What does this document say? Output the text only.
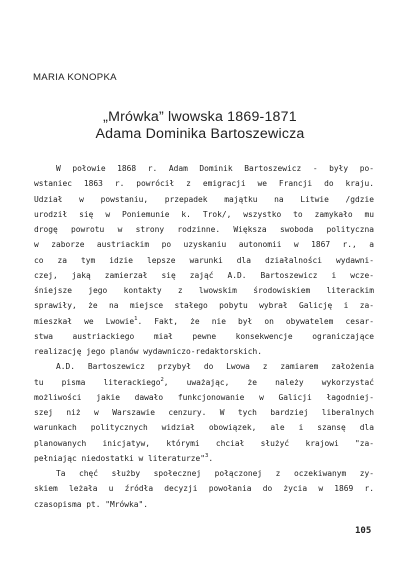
MARIA KONOPKA
„Mrówka” lwowska 1869-1871
Adama Dominika Bartoszewicza
W połowie 1868 r. Adam Dominik Bartoszewicz - były po-
wstaniec 1863 r. powrócił z emigracji we Francji do kraju.
Udział w powstaniu, przepadek majątku na Litwie /gdzie
urodził się w Poniemunie k. Trok/, wszystko to zamykało mu
drogę powrotu w strony rodzinne. Większa swoboda polityczna
w zaborze austriackim po uzyskaniu autonomii w 1867 r., a
co za tym idzie lepsze warunki dla działalności wydawni-
czej, jaką zamierzał się zająć A.D. Bartoszewicz i wcze-
śniejsze jego kontakty z lwowskim środowiskiem literackim
sprawiły, że na miejsce stałego pobytu wybrał Galicję i za-
mieszkał we Lwowie$^1$. Fakt, że nie był on obywatelem cesar-
stwa austriackiego miał pewne konsekwencje ograniczające
realizację jego planów wydawniczo-redaktorskich.
A.D. Bartoszewicz przybył do Lwowa z zamiarem założenia
tu pisma literackiego$^2$, uważając, że należy wykorzystać
możliwości jakie dawało funkcjonowanie w Galicji łagodniej-
szej niż w Warszawie cenzury. W tych bardziej liberalnych
warunkach politycznych widział obowiązek, ale i szansę dla
planowanych inicjatyw, którymi chciał służyć krajowi "za-
pełniając niedostatki w literaturze"$^3$.
Ta chęć służby społecznej połączonej z oczekiwanym zy-
skiem leżała u źródła decyzji powołania do życia w 1869 r.
czasopisma pt. "Mrówka".
105
